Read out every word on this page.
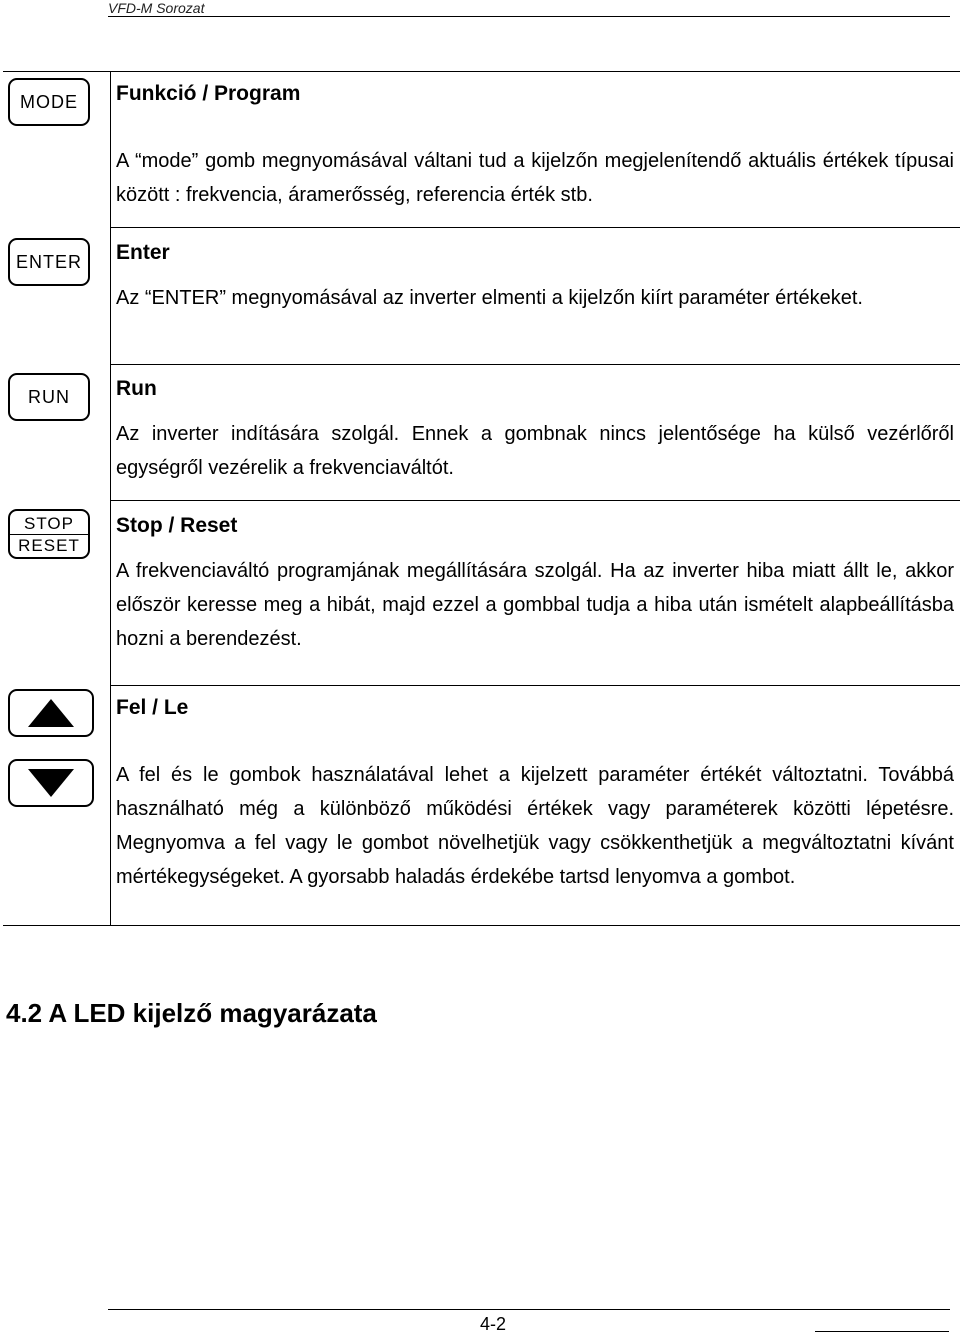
VFD-M Sorozat
MODE Funkció / Program
A “mode” gomb megnyomásával váltani tud a kijelzőn megjelenítendő aktuális értékek típusai között : frekvencia, áramerősség, referencia érték stb.
ENTER Enter
Az “ENTER” megnyomásával az inverter elmenti a kijelzőn kiírt paraméter értékeket.
RUN Run
Az inverter indítására szolgál. Ennek a gombnak nincs jelentősége ha külső vezérlőről egységről vezérelik a frekvenciaváltót.
STOP
RESET
Stop / Reset
A frekvenciaváltó programjának megállítására szolgál. Ha az inverter hiba miatt állt le, akkor először keresse meg a hibát, majd ezzel a gombbal tudja a hiba után ismételt alapbeállításba hozni a berendezést.
Fel / Le
A fel és le gombok használatával lehet a kijelzett paraméter értékét változtatni. Továbbá használható még a különböző működési értékek vagy paraméterek közötti lépetésre. Megnyomva a fel vagy le gombot növelhetjük vagy csökkenthetjük a megváltoztatni kívánt mértékegységeket. A gyorsabb haladás érdekébe tartsd lenyomva a gombot.
4.2 A LED kijelző magyarázata
4-2
